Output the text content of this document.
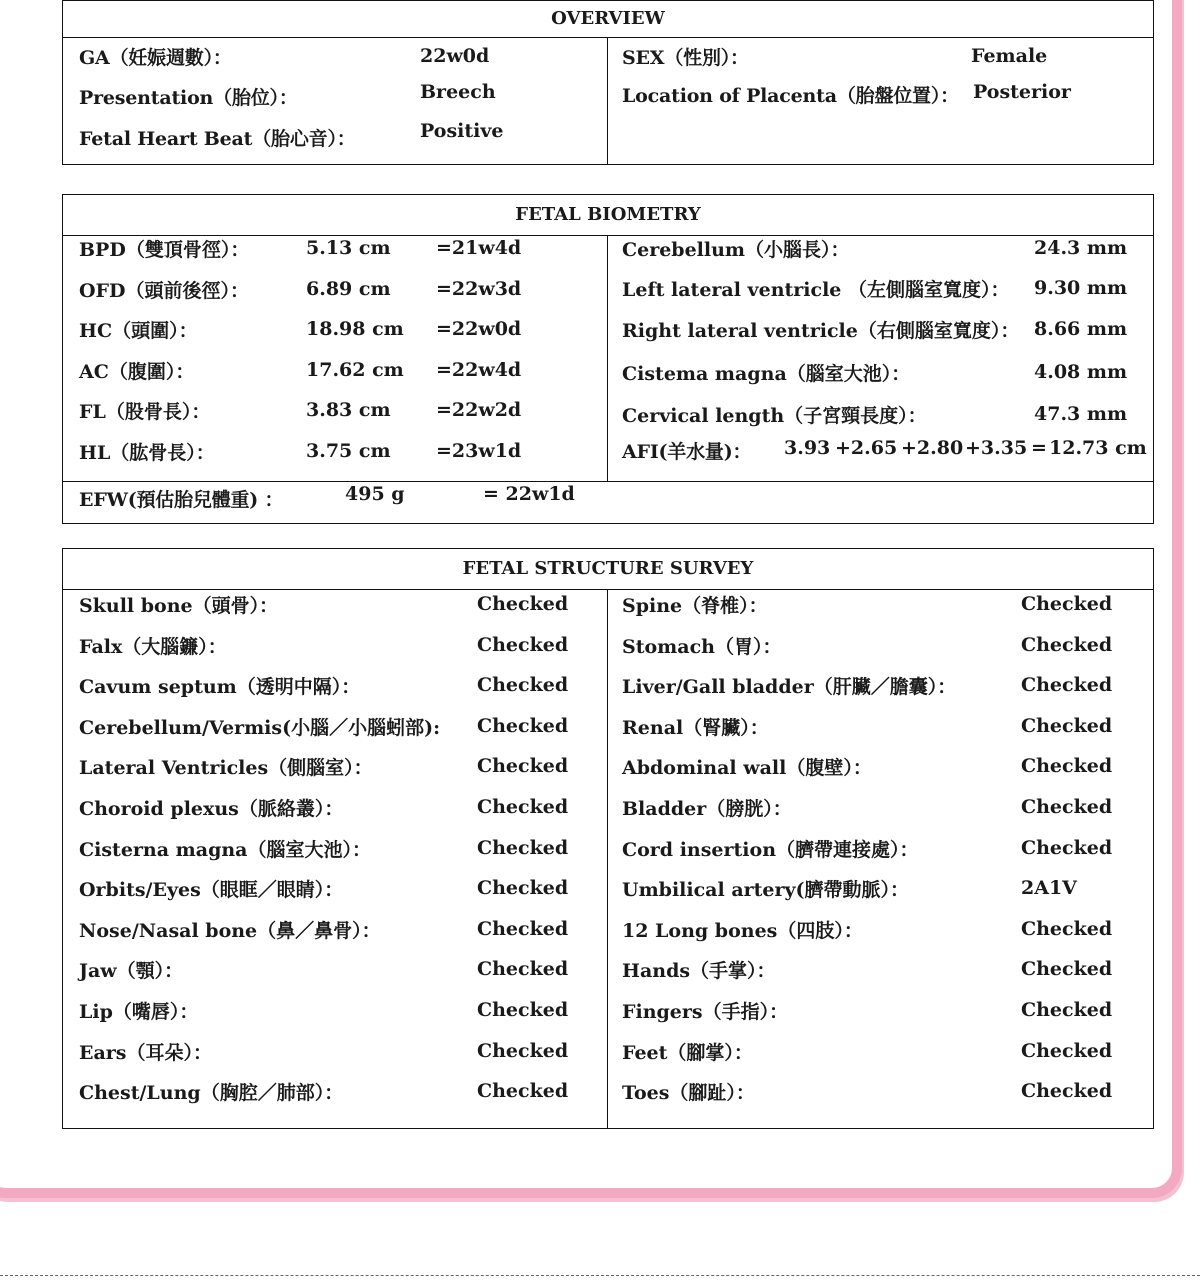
OVERVIEW
GA（妊娠週數）：	22w0d
Presentation（胎位）：	Breech
Fetal Heart Beat（胎心音）：	Positive
SEX（性別）：	Female
Location of Placenta（胎盤位置）： Posterior
FETAL BIOMETRY
BPD（雙頂骨徑）：	5.13 cm =21w4d
OFD（頭前後徑）：	6.89 cm =22w3d
HC（頭圍）：	18.98 cm =22w0d
AC（腹圍）：	17.62 cm =22w4d
FL（股骨長）：	3.83 cm =22w2d
HL（肱骨長）：	3.75 cm =23w1d
Cerebellum（小腦長）：	24.3 mm
Left lateral ventricle （左側腦室寬度）： 9.30 mm
Right lateral ventricle（右側腦室寬度）： 8.66 mm
Cistema magna（腦室大池）：	4.08 mm
Cervical length（子宮頸長度）：	47.3 mm
AFI(羊水量)： 3.93 +2.65 +2.80 +3.35 = 12.73 cm
EFW(預估胎兒體重) ：	495 g	= 22w1d
FETAL STRUCTURE SURVEY
Skull bone（頭骨）：	Checked
Falx（大腦鐮）：	Checked
Cavum septum（透明中隔）：	Checked
Cerebellum/Vermis(小腦／小腦蚓部): Checked
Lateral Ventricles（側腦室）：	Checked
Choroid plexus（脈絡叢）：	Checked
Cisterna magna（腦室大池）：	Checked
Orbits/Eyes（眼眶／眼睛）：	Checked
Nose/Nasal bone（鼻／鼻骨）：	Checked
Jaw（顎）：	Checked
Lip（嘴唇）：	Checked
Ears（耳朵）：	Checked
Chest/Lung（胸腔／肺部）：	Checked
Spine（脊椎）：	Checked
Stomach（胃）：	Checked
Liver/Gall bladder（肝臟／膽囊）：	Checked
Renal（腎臟）：	Checked
Abdominal wall（腹壁）：	Checked
Bladder（膀胱）：	Checked
Cord insertion（臍帶連接處）：	Checked
Umbilical artery(臍帶動脈）：	2A1V
12 Long bones（四肢）：	Checked
Hands（手掌）：	Checked
Fingers（手指）：	Checked
Feet（腳掌）：	Checked
Toes（腳趾）：	Checked
